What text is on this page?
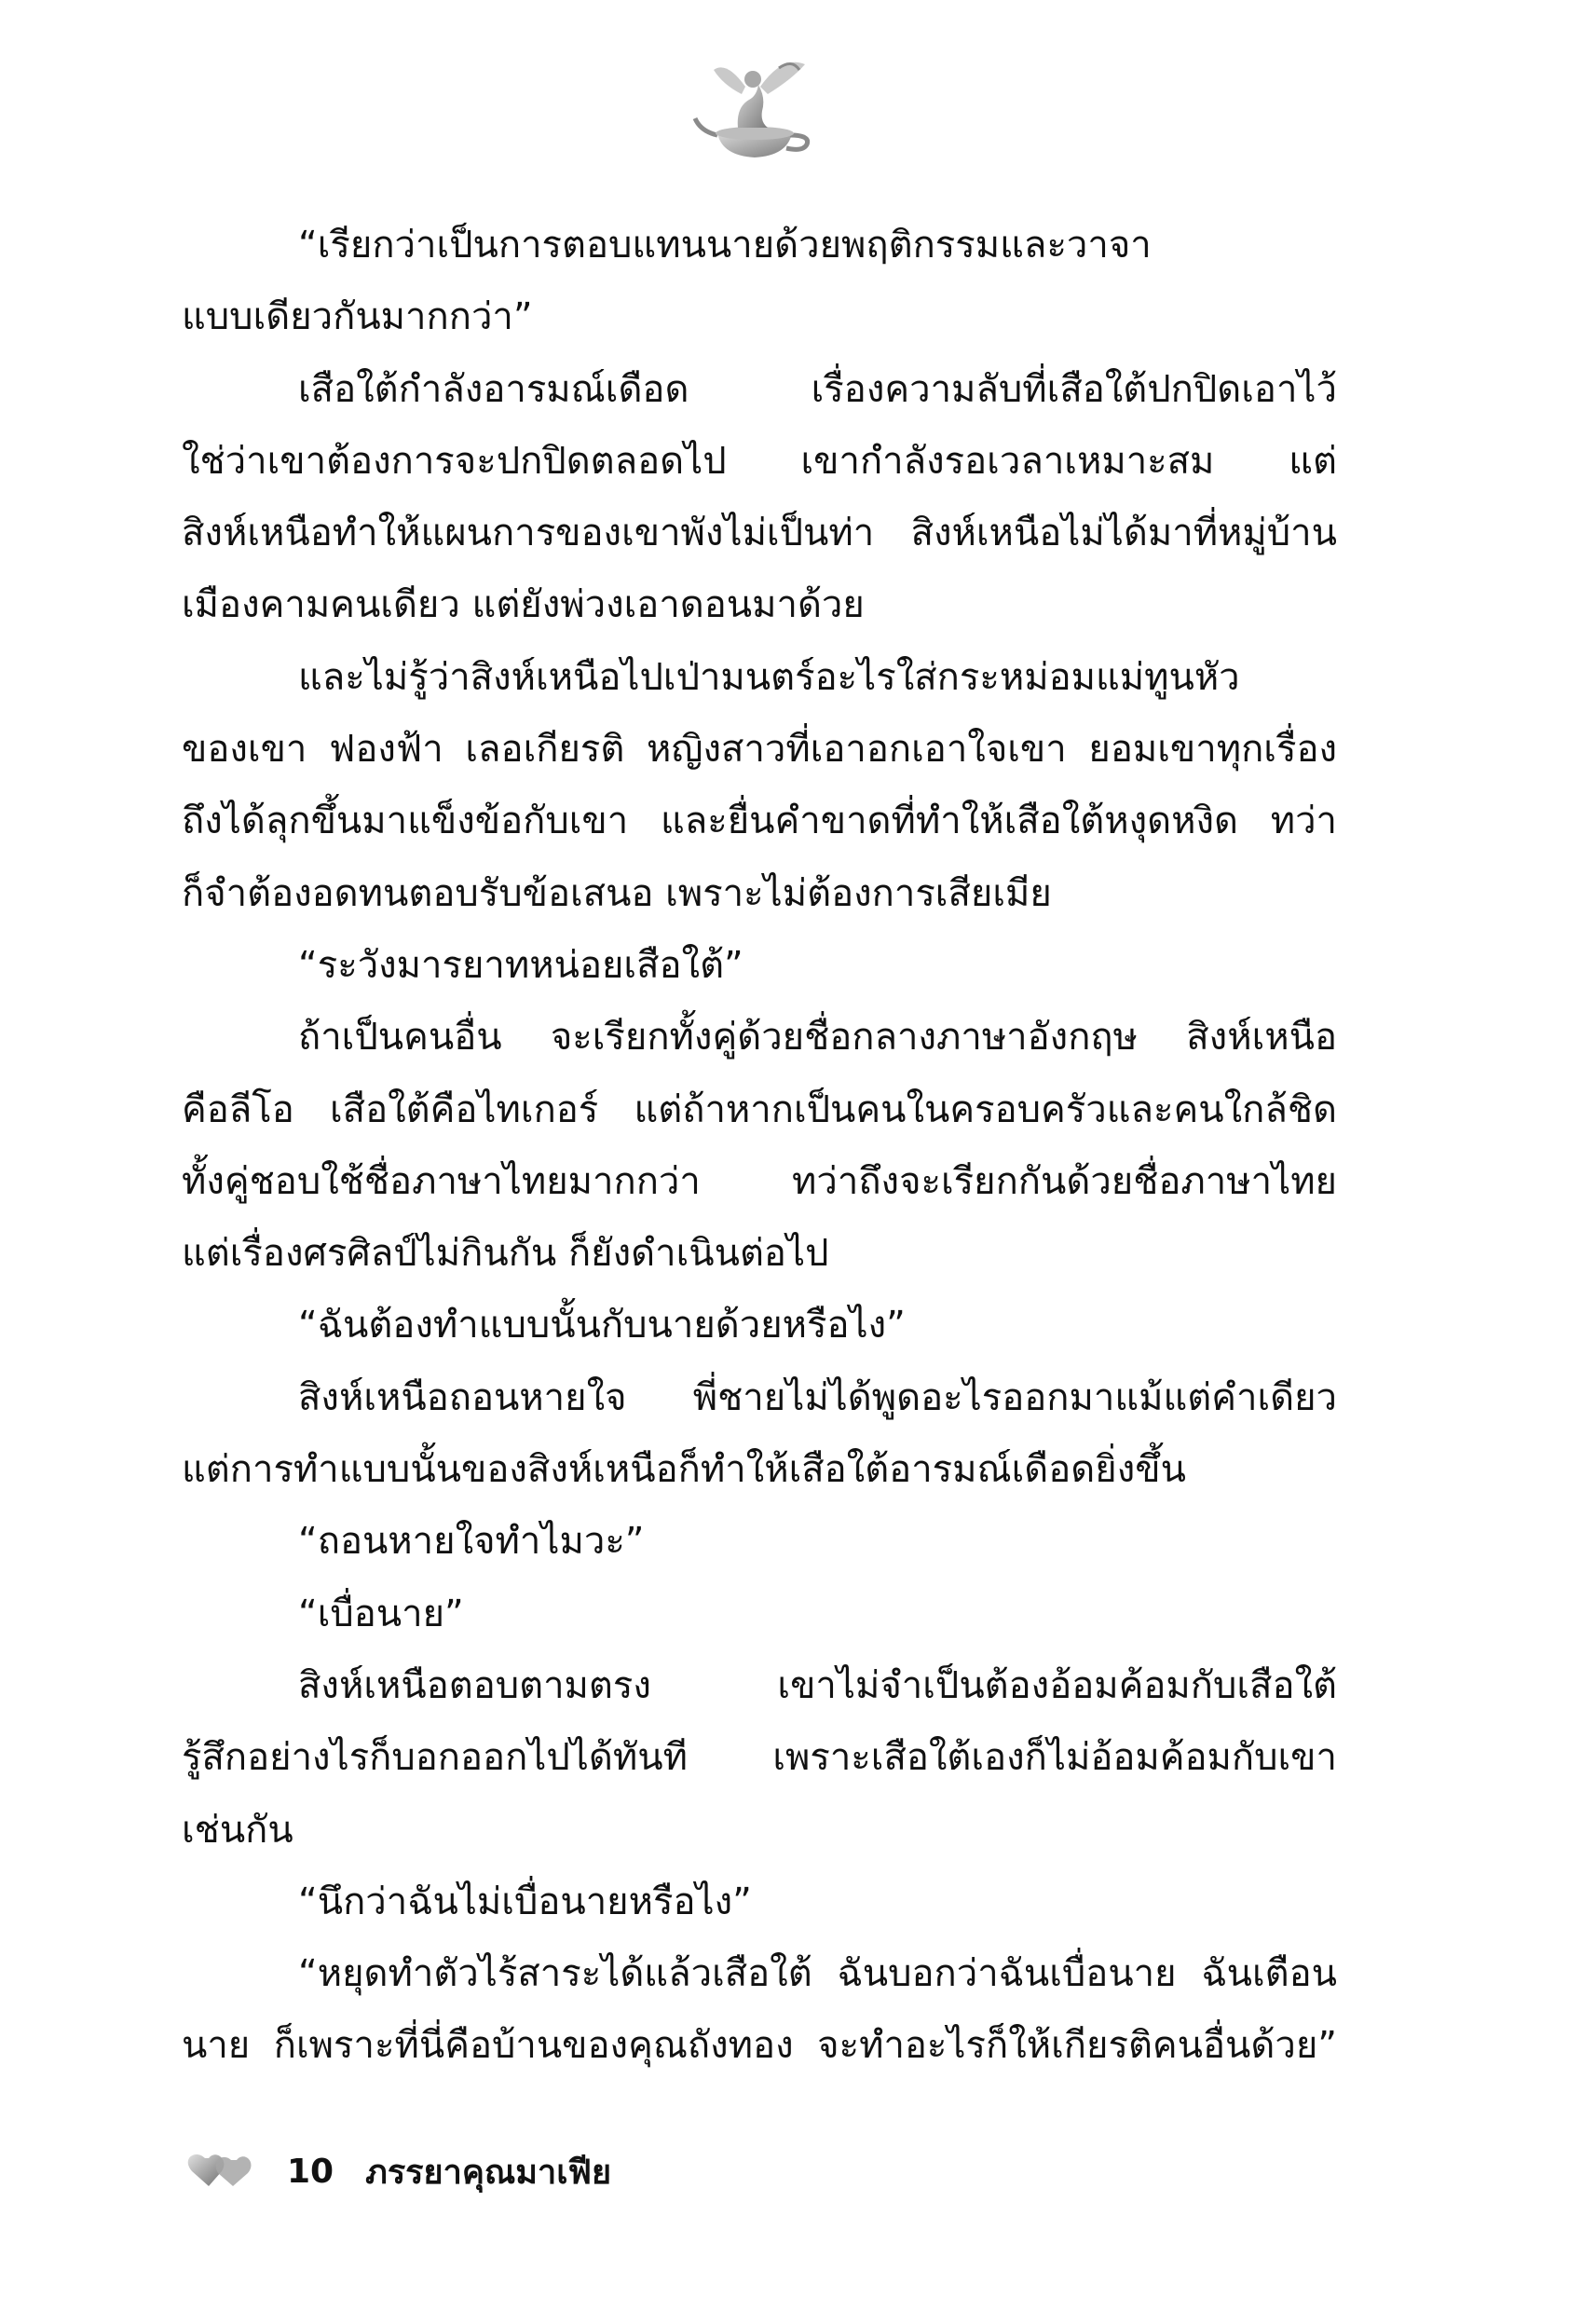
“เรียกว่าเป็นการตอบแทนนายด้วยพฤติกรรมและวาจา
แบบเดียวกันมากกว่า”
เสือใต้กำลังอารมณ์เดือด เรื่องความลับที่เสือใต้ปกปิดเอาไว้
ใช่ว่าเขาต้องการจะปกปิดตลอดไป เขากำลังรอเวลาเหมาะสม แต่
สิงห์เหนือทำให้แผนการของเขาพังไม่เป็นท่า สิงห์เหนือไม่ได้มาที่หมู่บ้าน
เมืองคามคนเดียว แต่ยังพ่วงเอาดอนมาด้วย
และไม่รู้ว่าสิงห์เหนือไปเป่ามนตร์อะไรใส่กระหม่อมแม่ทูนหัว
ของเขา ฟองฟ้า เลอเกียรติ หญิงสาวที่เอาอกเอาใจเขา ยอมเขาทุกเรื่อง
ถึงได้ลุกขึ้นมาแข็งข้อกับเขา และยื่นคำขาดที่ทำให้เสือใต้หงุดหงิด ทว่า
ก็จำต้องอดทนตอบรับข้อเสนอ เพราะไม่ต้องการเสียเมีย
“ระวังมารยาทหน่อยเสือใต้”
ถ้าเป็นคนอื่น จะเรียกทั้งคู่ด้วยชื่อกลางภาษาอังกฤษ สิงห์เหนือ
คือลีโอ เสือใต้คือไทเกอร์ แต่ถ้าหากเป็นคนในครอบครัวและคนใกล้ชิด
ทั้งคู่ชอบใช้ชื่อภาษาไทยมากกว่า ทว่าถึงจะเรียกกันด้วยชื่อภาษาไทย
แต่เรื่องศรศิลป์ไม่กินกัน ก็ยังดำเนินต่อไป
“ฉันต้องทำแบบนั้นกับนายด้วยหรือไง”
สิงห์เหนือถอนหายใจ พี่ชายไม่ได้พูดอะไรออกมาแม้แต่คำเดียว
แต่การทำแบบนั้นของสิงห์เหนือก็ทำให้เสือใต้อารมณ์เดือดยิ่งขึ้น
“ถอนหายใจทำไมวะ”
“เบื่อนาย”
สิงห์เหนือตอบตามตรง เขาไม่จำเป็นต้องอ้อมค้อมกับเสือใต้
รู้สึกอย่างไรก็บอกออกไปได้ทันที เพราะเสือใต้เองก็ไม่อ้อมค้อมกับเขา
เช่นกัน
“นึกว่าฉันไม่เบื่อนายหรือไง”
“หยุดทำตัวไร้สาระได้แล้วเสือใต้ ฉันบอกว่าฉันเบื่อนาย ฉันเตือน
นาย ก็เพราะที่นี่คือบ้านของคุณถังทอง จะทำอะไรก็ให้เกียรติคนอื่นด้วย”
10 ภรรยาคุณมาเฟีย
